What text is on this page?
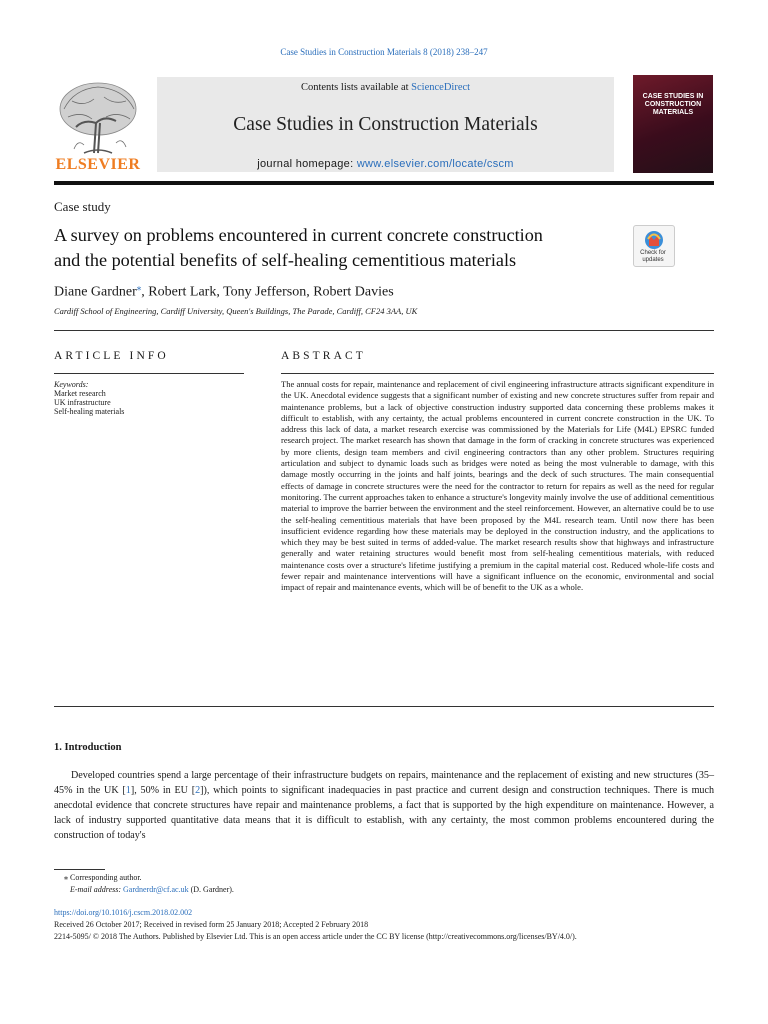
Case Studies in Construction Materials 8 (2018) 238–247
Contents lists available at ScienceDirect
Case Studies in Construction Materials
journal homepage: www.elsevier.com/locate/cscm
ELSEVIER
CASE STUDIES IN CONSTRUCTION MATERIALS
Case study
A survey on problems encountered in current concrete construction
and the potential benefits of self-healing cementitious materials	Check for updates
Diane Gardner⁎, Robert Lark, Tony Jefferson, Robert Davies
Cardiff School of Engineering, Cardiff University, Queen's Buildings, The Parade, Cardiff, CF24 3AA, UK
ARTICLE INFO
Keywords:
Market research
UK infrastructure
Self-healing materials
ABSTRACT
The annual costs for repair, maintenance and replacement of civil engineering infrastructure attracts significant expenditure in the UK. Anecdotal evidence suggests that a significant number of existing and new concrete structures suffer from repair and maintenance problems, but a lack of objective construction industry supported data concerning these problems makes it difficult to establish, with any certainty, the actual problems encountered in current concrete construction in the UK. To address this lack of data, a market research exercise was commissioned by the Materials for Life (M4L) EPSRC funded research project. The market research has shown that damage in the form of cracking in concrete structures was experienced by more clients, design team members and civil engineering contractors than any other problem. Structures requiring articulation and subject to dynamic loads such as bridges were noted as being the most vulnerable to damage, with this damage mostly occurring in the joints and half joints, bearings and the deck of such structures. The main consequential effects of damage in concrete structures were the need for the contractor to return for repairs as well as the need for regular monitoring. The current approaches taken to enhance a structure's longevity mainly involve the use of additional cementitious material to improve the barrier between the environment and the steel reinforcement. However, an alternative could be to use the self-healing cementitious materials that have been proposed by the M4L research team. Until now there has been insufficient evidence regarding how these materials may be deployed in the construction industry, and the applications to which they may be best suited in terms of added-value. The market research results show that highways and infrastructure generally and water retaining structures would benefit most from self-healing cementitious materials, with reduced maintenance costs over a structure's lifetime justifying a premium in the capital material cost. Reduced whole-life costs and fewer repair and maintenance interventions will have a significant influence on the economic, environmental and social impact of repair and maintenance events, which will be of benefit to the UK as a whole.
1. Introduction
Developed countries spend a large percentage of their infrastructure budgets on repairs, maintenance and the replacement of existing and new structures (35–45% in the UK [1], 50% in EU [2]), which points to significant inadequacies in past practice and current design and construction techniques. There is much anecdotal evidence that concrete structures have repair and maintenance problems, a fact that is supported by the high expenditure on maintenance. However, a lack of industry supported quantitative data means that it is difficult to establish, with any certainty, the most common problems encountered during the construction of today's
⁎ Corresponding author.
E-mail address: Gardnerdr@cf.ac.uk (D. Gardner).
https://doi.org/10.1016/j.cscm.2018.02.002
Received 26 October 2017; Received in revised form 25 January 2018; Accepted 2 February 2018
2214-5095/ © 2018 The Authors. Published by Elsevier Ltd. This is an open access article under the CC BY license (http://creativecommons.org/licenses/BY/4.0/).
